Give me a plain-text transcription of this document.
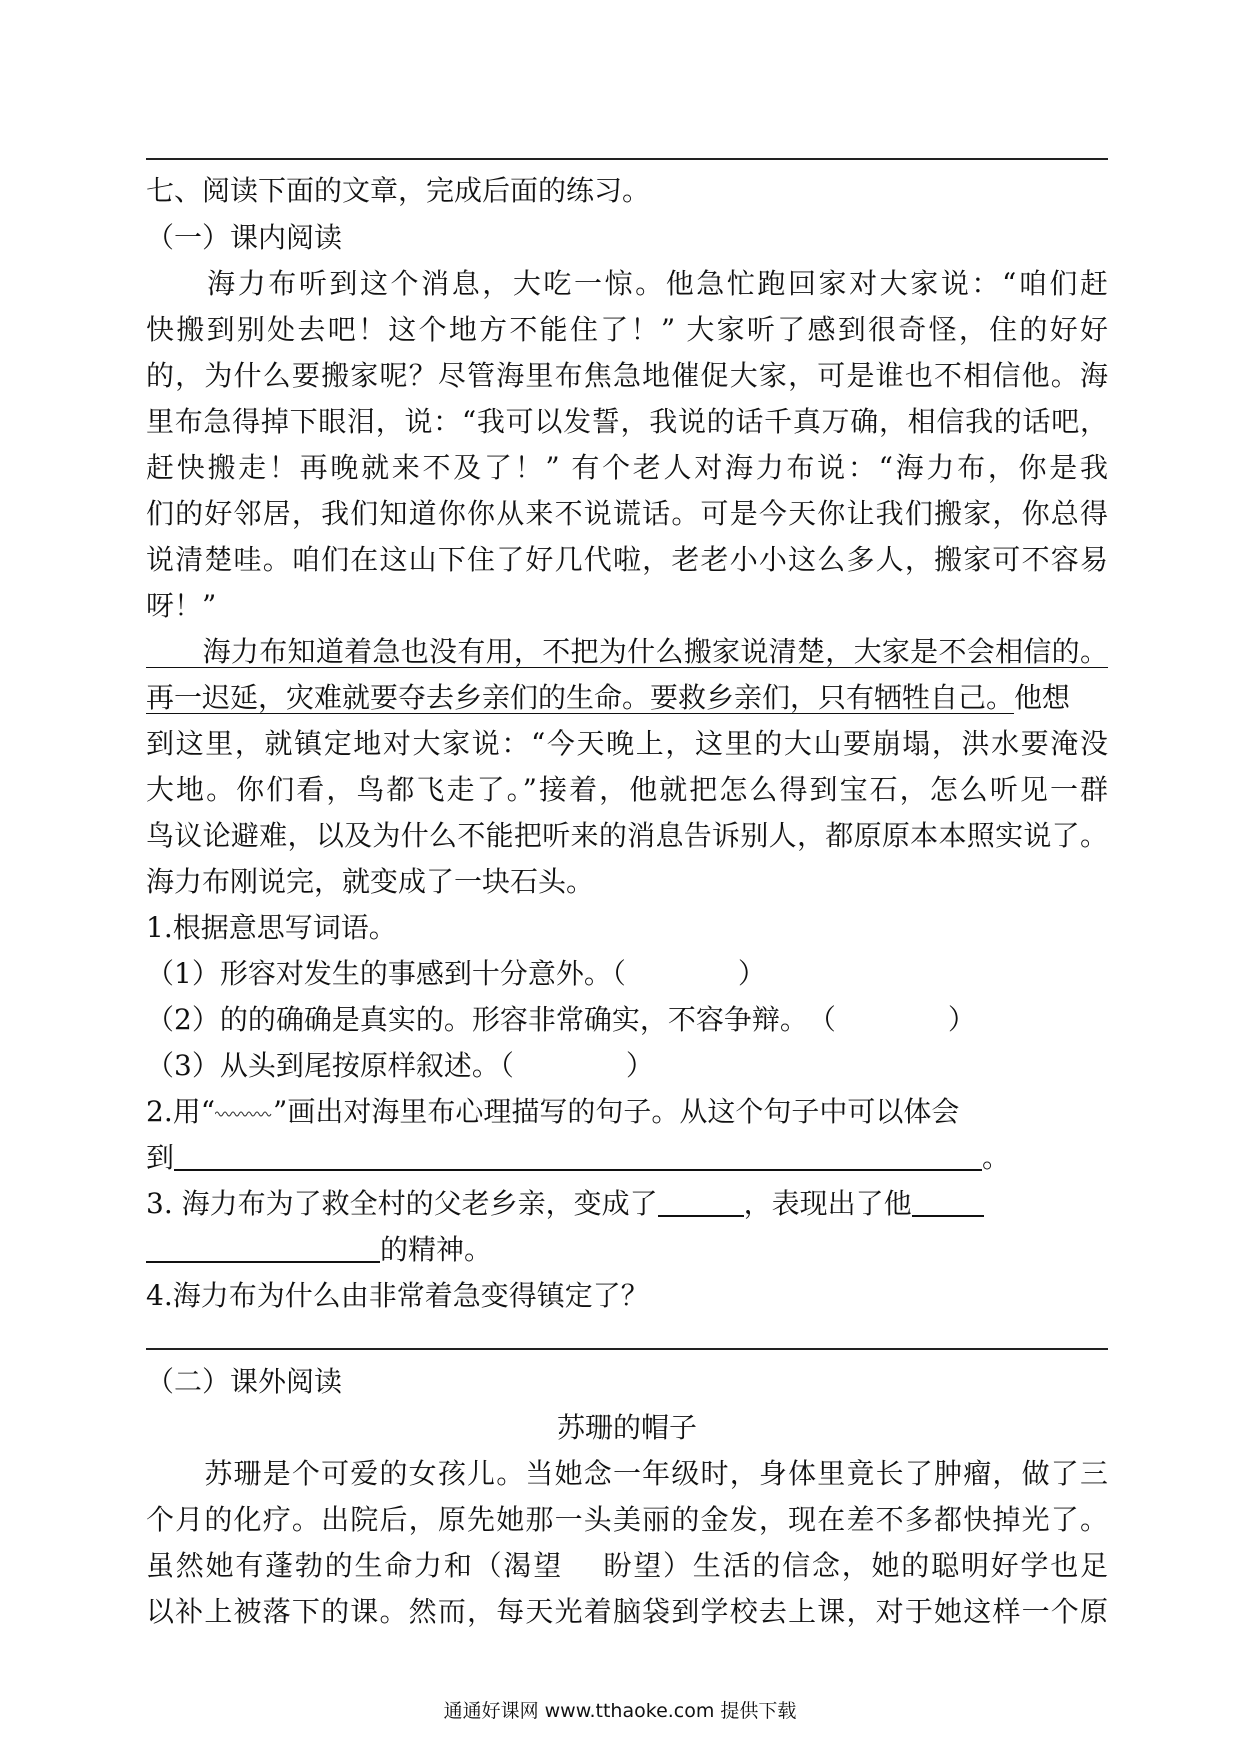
七、阅读下面的文章，完成后面的练习。
（一）课内阅读
　　海力布听到这个消息，大吃一惊。他急忙跑回家对大家说：“咱们赶
快搬到别处去吧！这个地方不能住了！” 大家听了感到很奇怪，住的好好
的，为什么要搬家呢？尽管海里布焦急地催促大家，可是谁也不相信他。海
里布急得掉下眼泪，说：“我可以发誓，我说的话千真万确，相信我的话吧，
赶快搬走！再晚就来不及了！” 有个老人对海力布说：“海力布，你是我
们的好邻居，我们知道你你从来不说谎话。可是今天你让我们搬家，你总得
说清楚哇。咱们在这山下住了好几代啦，老老小小这么多人，搬家可不容易
呀！”
　　海力布知道着急也没有用，不把为什么搬家说清楚，大家是不会相信的。
再一迟延，灾难就要夺去乡亲们的生命。要救乡亲们，只有牺牲自己。他想
到这里，就镇定地对大家说：“今天晚上，这里的大山要崩塌，洪水要淹没
大地。你们看，鸟都飞走了。”接着，他就把怎么得到宝石，怎么听见一群
鸟议论避难，以及为什么不能把听来的消息告诉别人，都原原本本照实说了。
海力布刚说完，就变成了一块石头。
1.根据意思写词语。
（1）形容对发生的事感到十分意外。（　　　　）
（2）的的确确是真实的。形容非常确实，不容争辩。　（　　　　）
（3）从头到尾按原样叙述。（　　　　）
2.用“ ”画出对海里布心理描写的句子。从这个句子中可以体会
到	。
3. 海力布为了救全村的父老乡亲，变成了	，表现出了他
的精神。
4.海力布为什么由非常着急变得镇定了？
（二）课外阅读
苏珊的帽子
　　苏珊是个可爱的女孩儿。当她念一年级时，身体里竟长了肿瘤，做了三
个月的化疗。出院后，原先她那一头美丽的金发，现在差不多都快掉光了。
虽然她有蓬勃的生命力和（渴望　 盼望）生活的信念，她的聪明好学也足
以补上被落下的课。然而，每天光着脑袋到学校去上课，对于她这样一个原
通通好课网 www.tthaoke.com 提供下载
